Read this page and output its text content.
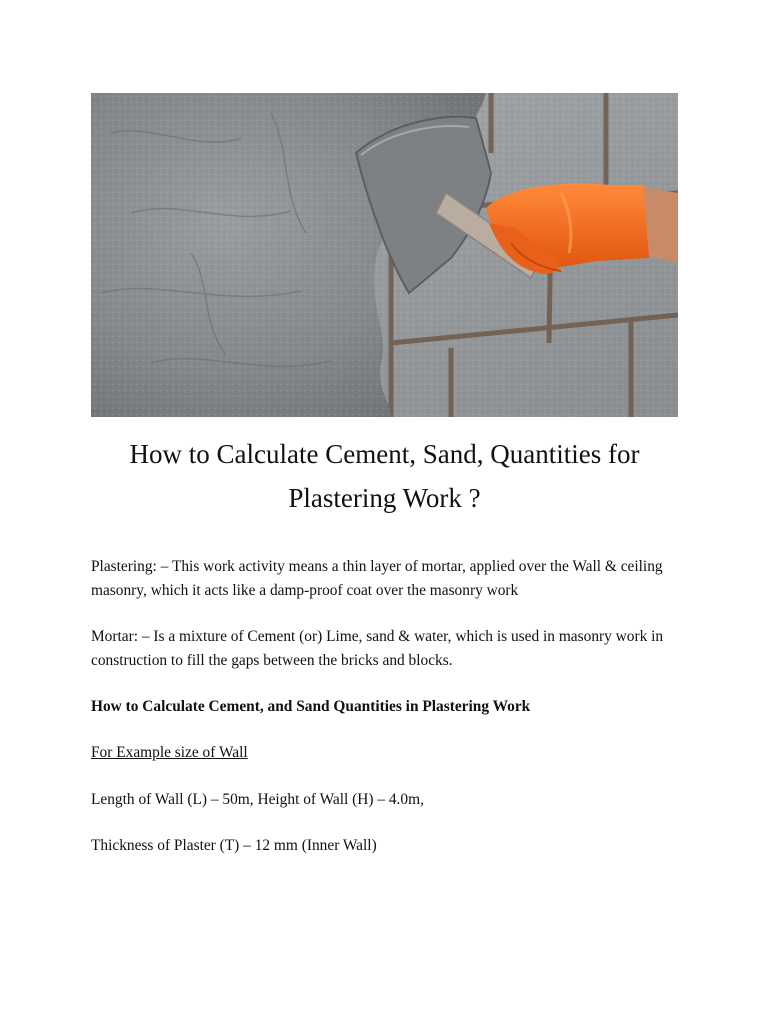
How to Calculate Cement, Sand, Quantities for Plastering Work ?

Plastering: – This work activity means a thin layer of mortar, applied over the Wall & ceiling masonry, which it acts like a damp-proof coat over the masonry work

Mortar: – Is a mixture of Cement (or) Lime, sand & water, which is used in masonry work in construction to fill the gaps between the bricks and blocks.

How to Calculate Cement, and Sand Quantities in Plastering Work

For Example size of Wall

Length of Wall (L) – 50m, Height of Wall (H) – 4.0m,

Thickness of Plaster (T) – 12 mm (Inner Wall)
